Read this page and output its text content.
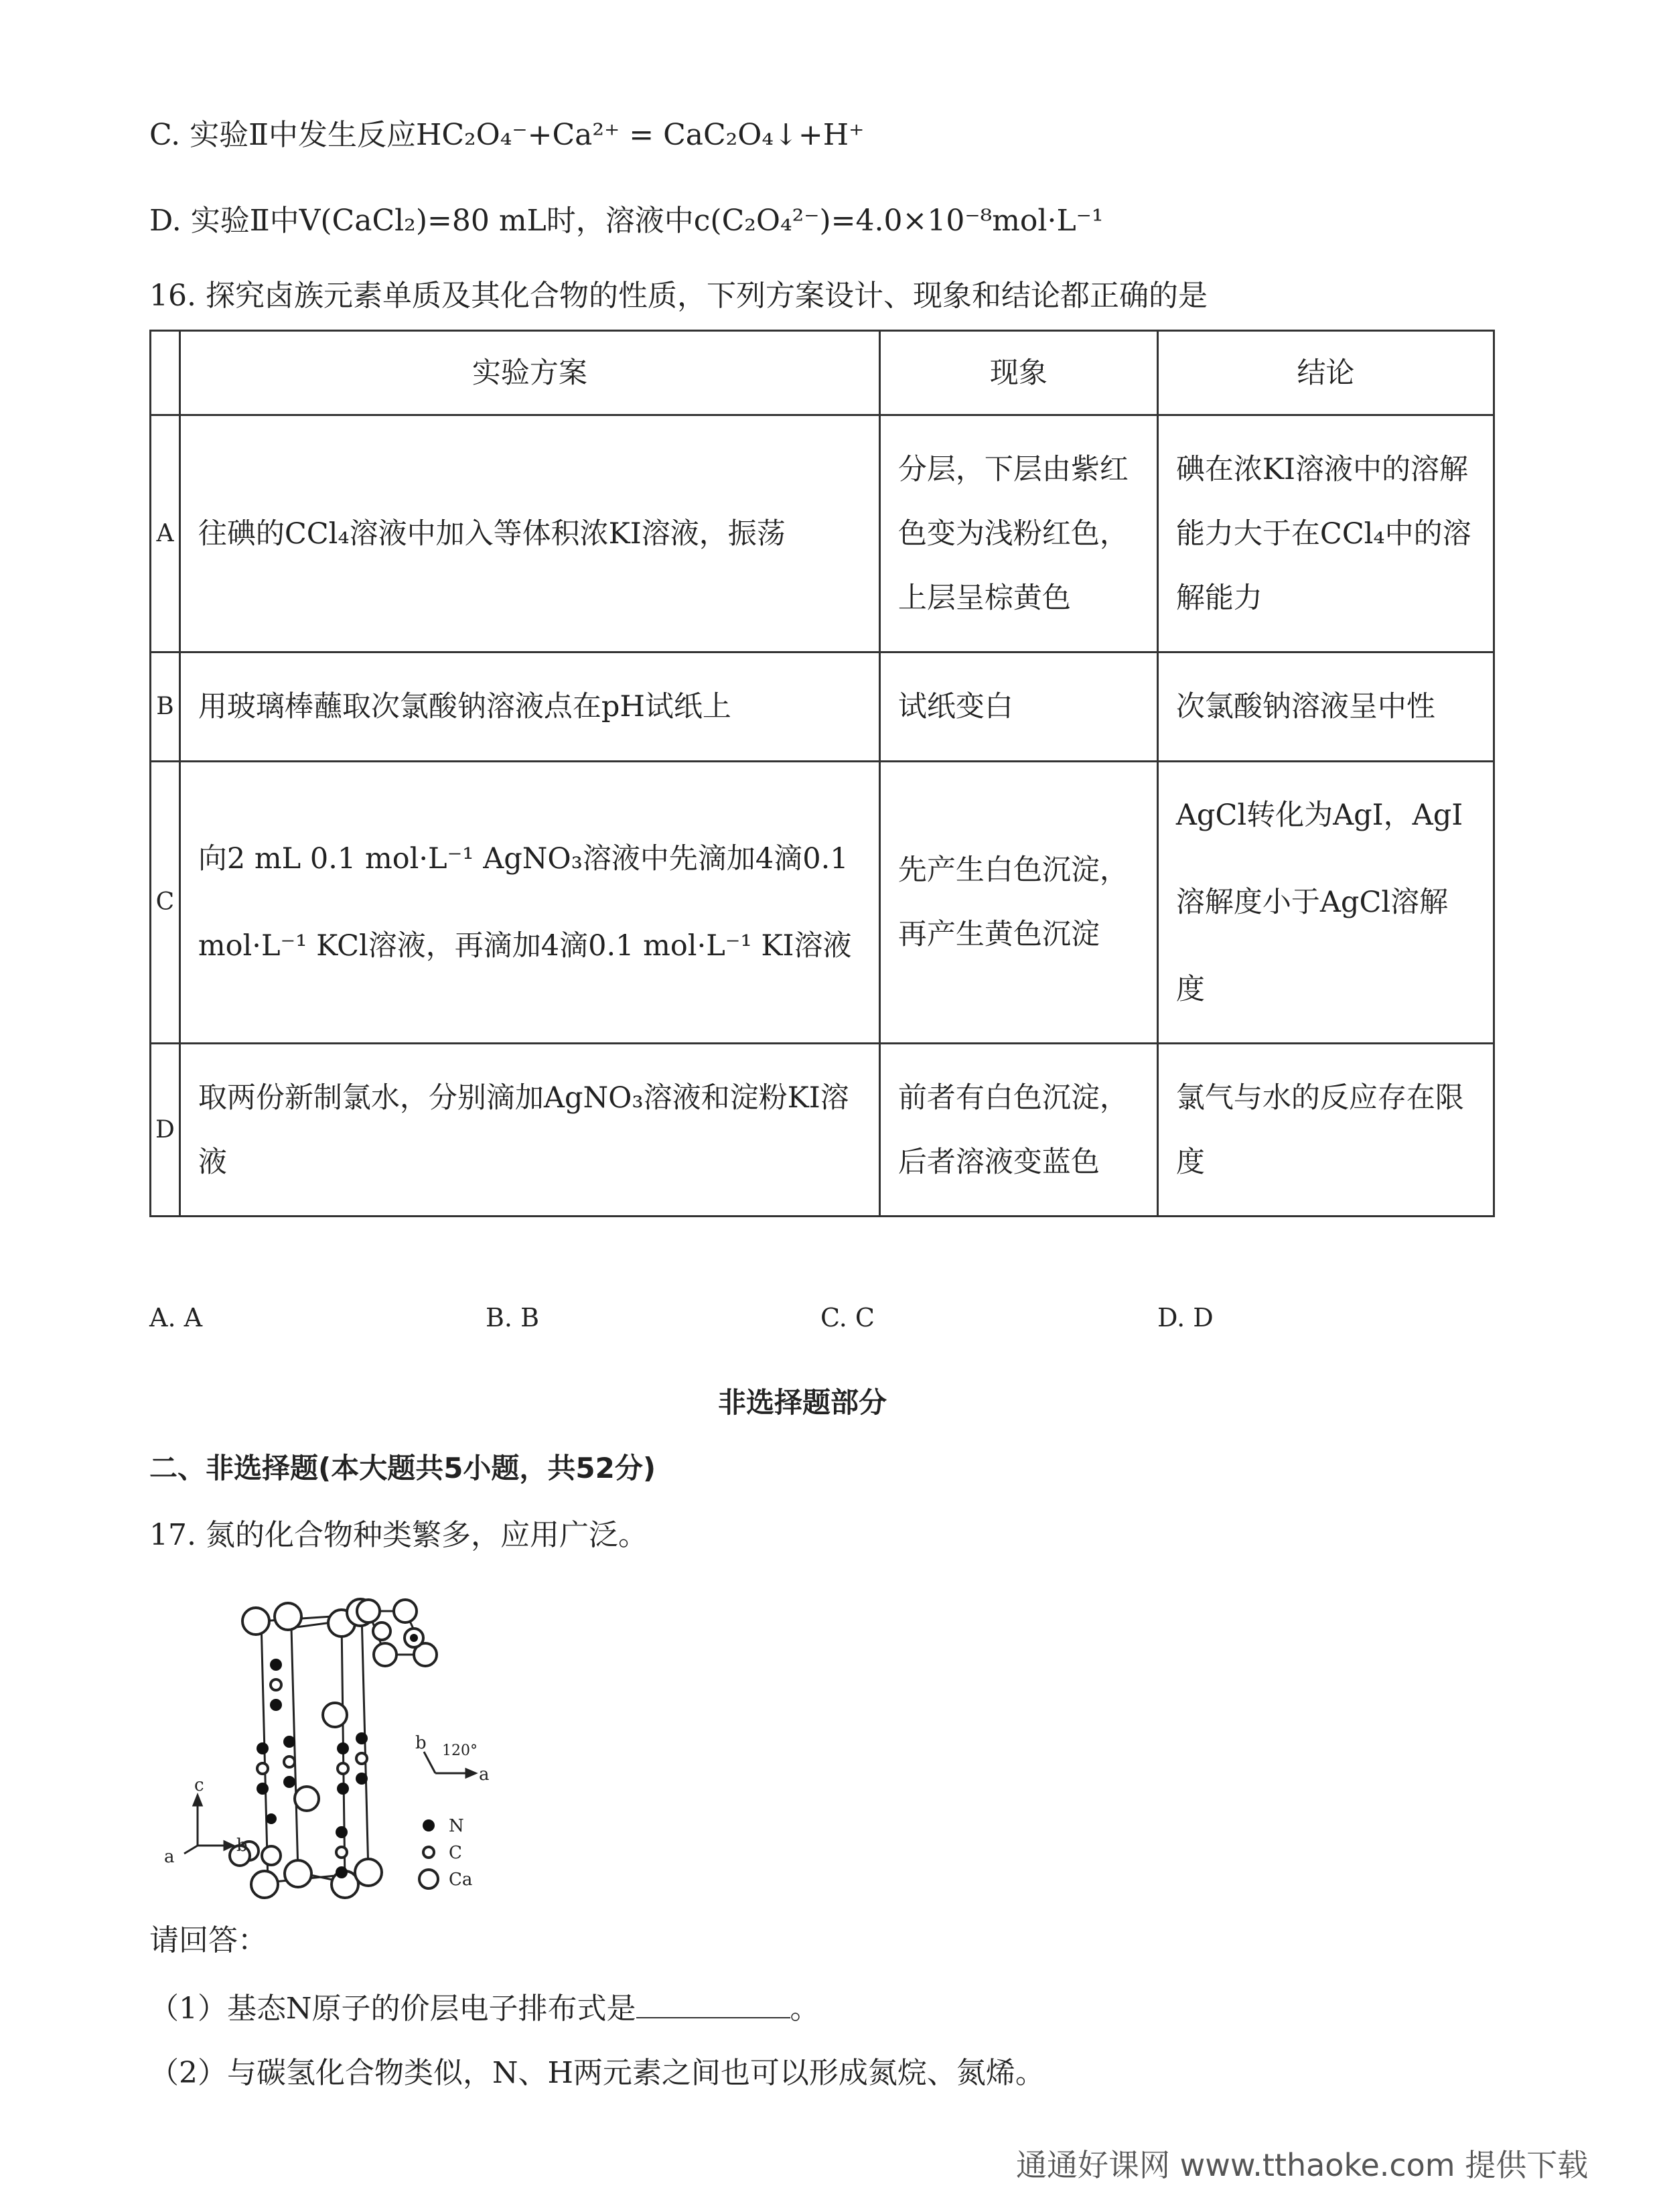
C. 实验Ⅱ中发生反应HC₂O₄⁻+Ca²⁺ = CaC₂O₄↓+H⁺
D. 实验Ⅱ中V(CaCl₂)=80 mL时，溶液中c(C₂O₄²⁻)=4.0×10⁻⁸mol·L⁻¹
16. 探究卤族元素单质及其化合物的性质，下列方案设计、现象和结论都正确的是
	实验方案	现象	结论
A	往碘的CCl₄溶液中加入等体积浓KI溶液，振荡	分层，下层由紫红色变为浅粉红色，上层呈棕黄色	碘在浓KI溶液中的溶解能力大于在CCl₄中的溶解能力
B	用玻璃棒蘸取次氯酸钠溶液点在pH试纸上	试纸变白	次氯酸钠溶液呈中性
C	向2 mL 0.1 mol·L⁻¹ AgNO₃溶液中先滴加4滴0.1 mol·L⁻¹ KCl溶液，再滴加4滴0.1 mol·L⁻¹ KI溶液	先产生白色沉淀，再产生黄色沉淀	AgCl转化为AgI，AgI溶解度小于AgCl溶解度
D	取两份新制氯水，分别滴加AgNO₃溶液和淀粉KI溶液	前者有白色沉淀，后者溶液变蓝色	氯气与水的反应存在限度
A. A	B. B	C. C	D. D
非选择题部分
二、非选择题(本大题共5小题，共52分)
17. 氮的化合物种类繁多，应用广泛。
c
b
a
b
a
120°
N
C
Ca
请回答：
（1）基态N原子的价层电子排布式是	。
（2）与碳氢化合物类似，N、H两元素之间也可以形成氮烷、氮烯。
通通好课网 www.tthaoke.com 提供下载
